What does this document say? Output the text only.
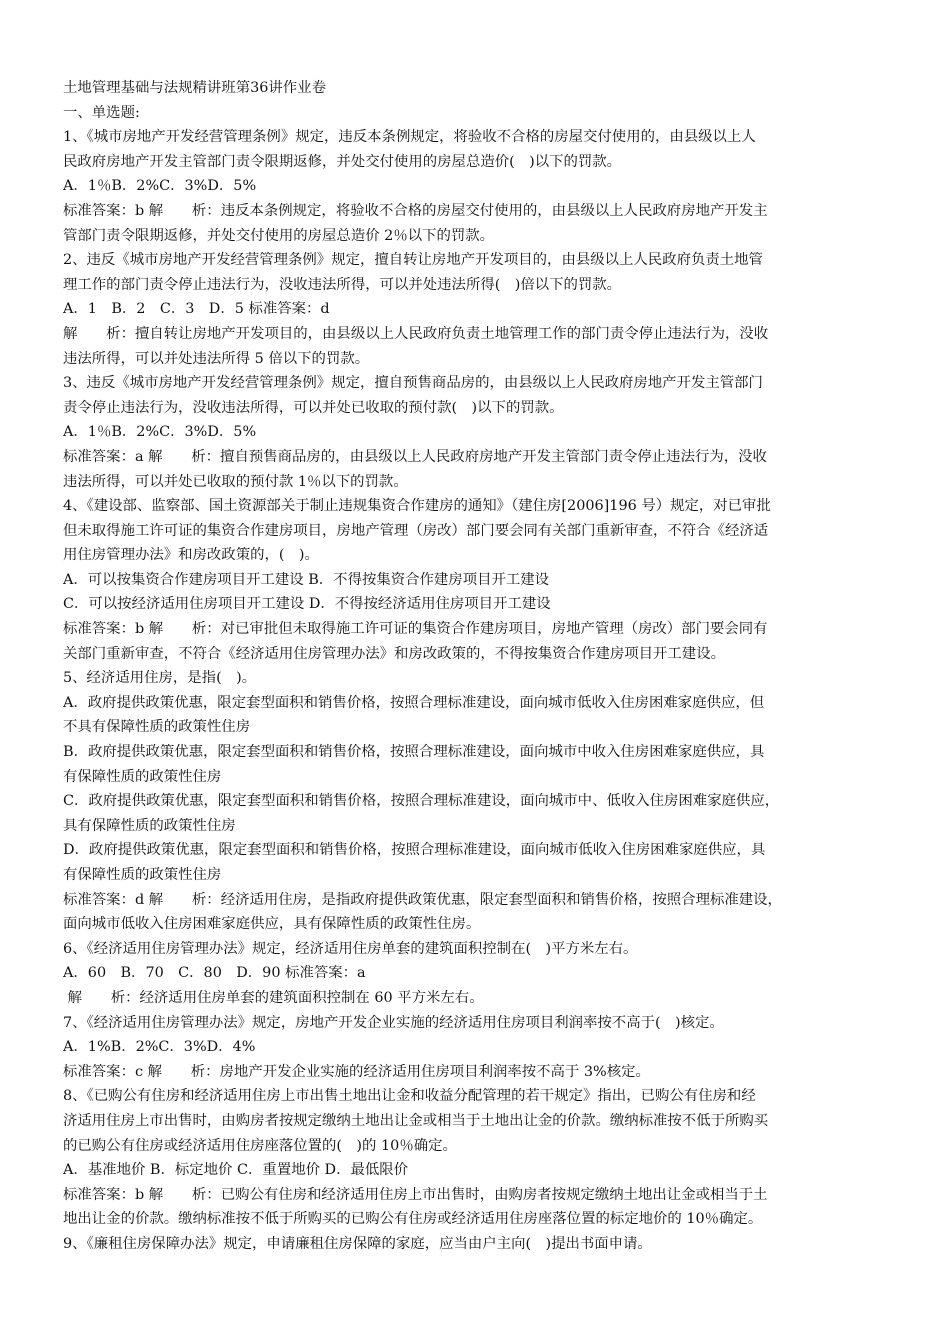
土地管理基础与法规精讲班第36讲作业卷
一、单选题:
1、《城市房地产开发经营管理条例》规定，违反本条例规定，将验收不合格的房屋交付使用的，由县级以上人
民政府房地产开发主管部门责令限期返修，并处交付使用的房屋总造价(　)以下的罚款。
A．1％B．2%C．3%D．5%
标准答案：b 解　　析：违反本条例规定，将验收不合格的房屋交付使用的，由县级以上人民政府房地产开发主
管部门责令限期返修，并处交付使用的房屋总造价 2％以下的罚款。
2、违反《城市房地产开发经营管理条例》规定，擅自转让房地产开发项目的，由县级以上人民政府负责土地管
理工作的部门责令停止违法行为，没收违法所得，可以并处违法所得(　)倍以下的罚款。
A．1　B．2　C．3　D．5 标准答案：d
解　　析：擅自转让房地产开发项目的，由县级以上人民政府负责土地管理工作的部门责令停止违法行为，没收
违法所得，可以并处违法所得 5 倍以下的罚款。
3、违反《城市房地产开发经营管理条例》规定，擅自预售商品房的，由县级以上人民政府房地产开发主管部门
责令停止违法行为，没收违法所得，可以并处已收取的预付款(　)以下的罚款。
A．1％B．2%C．3%D．5%
标准答案：a 解　　析：擅自预售商品房的，由县级以上人民政府房地产开发主管部门责令停止违法行为，没收
违法所得，可以并处已收取的预付款 1％以下的罚款。
4、《建设部、监察部、国土资源部关于制止违规集资合作建房的通知》（建住房[2006]196 号）规定，对已审批
但未取得施工许可证的集资合作建房项目，房地产管理（房改）部门要会同有关部门重新审查，不符合《经济适
用住房管理办法》和房改政策的，(　)。
A．可以按集资合作建房项目开工建设 B．不得按集资合作建房项目开工建设
C．可以按经济适用住房项目开工建设 D．不得按经济适用住房项目开工建设
标准答案：b 解　　析：对已审批但未取得施工许可证的集资合作建房项目，房地产管理（房改）部门要会同有
关部门重新审查，不符合《经济适用住房管理办法》和房改政策的，不得按集资合作建房项目开工建设。
5、经济适用住房，是指(　)。
A．政府提供政策优惠，限定套型面积和销售价格，按照合理标准建设，面向城市低收入住房困难家庭供应，但
不具有保障性质的政策性住房
B．政府提供政策优惠，限定套型面积和销售价格，按照合理标准建设，面向城市中收入住房困难家庭供应，具
有保障性质的政策性住房
C．政府提供政策优惠，限定套型面积和销售价格，按照合理标准建设，面向城市中、低收入住房困难家庭供应，
具有保障性质的政策性住房
D．政府提供政策优惠，限定套型面积和销售价格，按照合理标准建设，面向城市低收入住房困难家庭供应，具
有保障性质的政策性住房
标准答案：d 解　　析：经济适用住房，是指政府提供政策优惠，限定套型面积和销售价格，按照合理标准建设，
面向城市低收入住房困难家庭供应，具有保障性质的政策性住房。
6、《经济适用住房管理办法》规定，经济适用住房单套的建筑面积控制在(　)平方米左右。
A．60　B．70　C．80　D．90 标准答案：a
解　　析：经济适用住房单套的建筑面积控制在 60 平方米左右。
7、《经济适用住房管理办法》规定，房地产开发企业实施的经济适用住房项目利润率按不高于(　)核定。
A．1%B．2%C．3%D．4%
标准答案：c 解　　析：房地产开发企业实施的经济适用住房项目利润率按不高于 3%核定。
8、《已购公有住房和经济适用住房上市出售土地出让金和收益分配管理的若干规定》指出，已购公有住房和经
济适用住房上市出售时，由购房者按规定缴纳土地出让金或相当于土地出让金的价款。缴纳标准按不低于所购买
的已购公有住房或经济适用住房座落位置的(　)的 10％确定。
A．基准地价 B．标定地价 C．重置地价 D．最低限价
标准答案：b 解　　析：已购公有住房和经济适用住房上市出售时，由购房者按规定缴纳土地出让金或相当于土
地出让金的价款。缴纳标准按不低于所购买的已购公有住房或经济适用住房座落位置的标定地价的 10％确定。
9、《廉租住房保障办法》规定，申请廉租住房保障的家庭，应当由户主向(　)提出书面申请。
